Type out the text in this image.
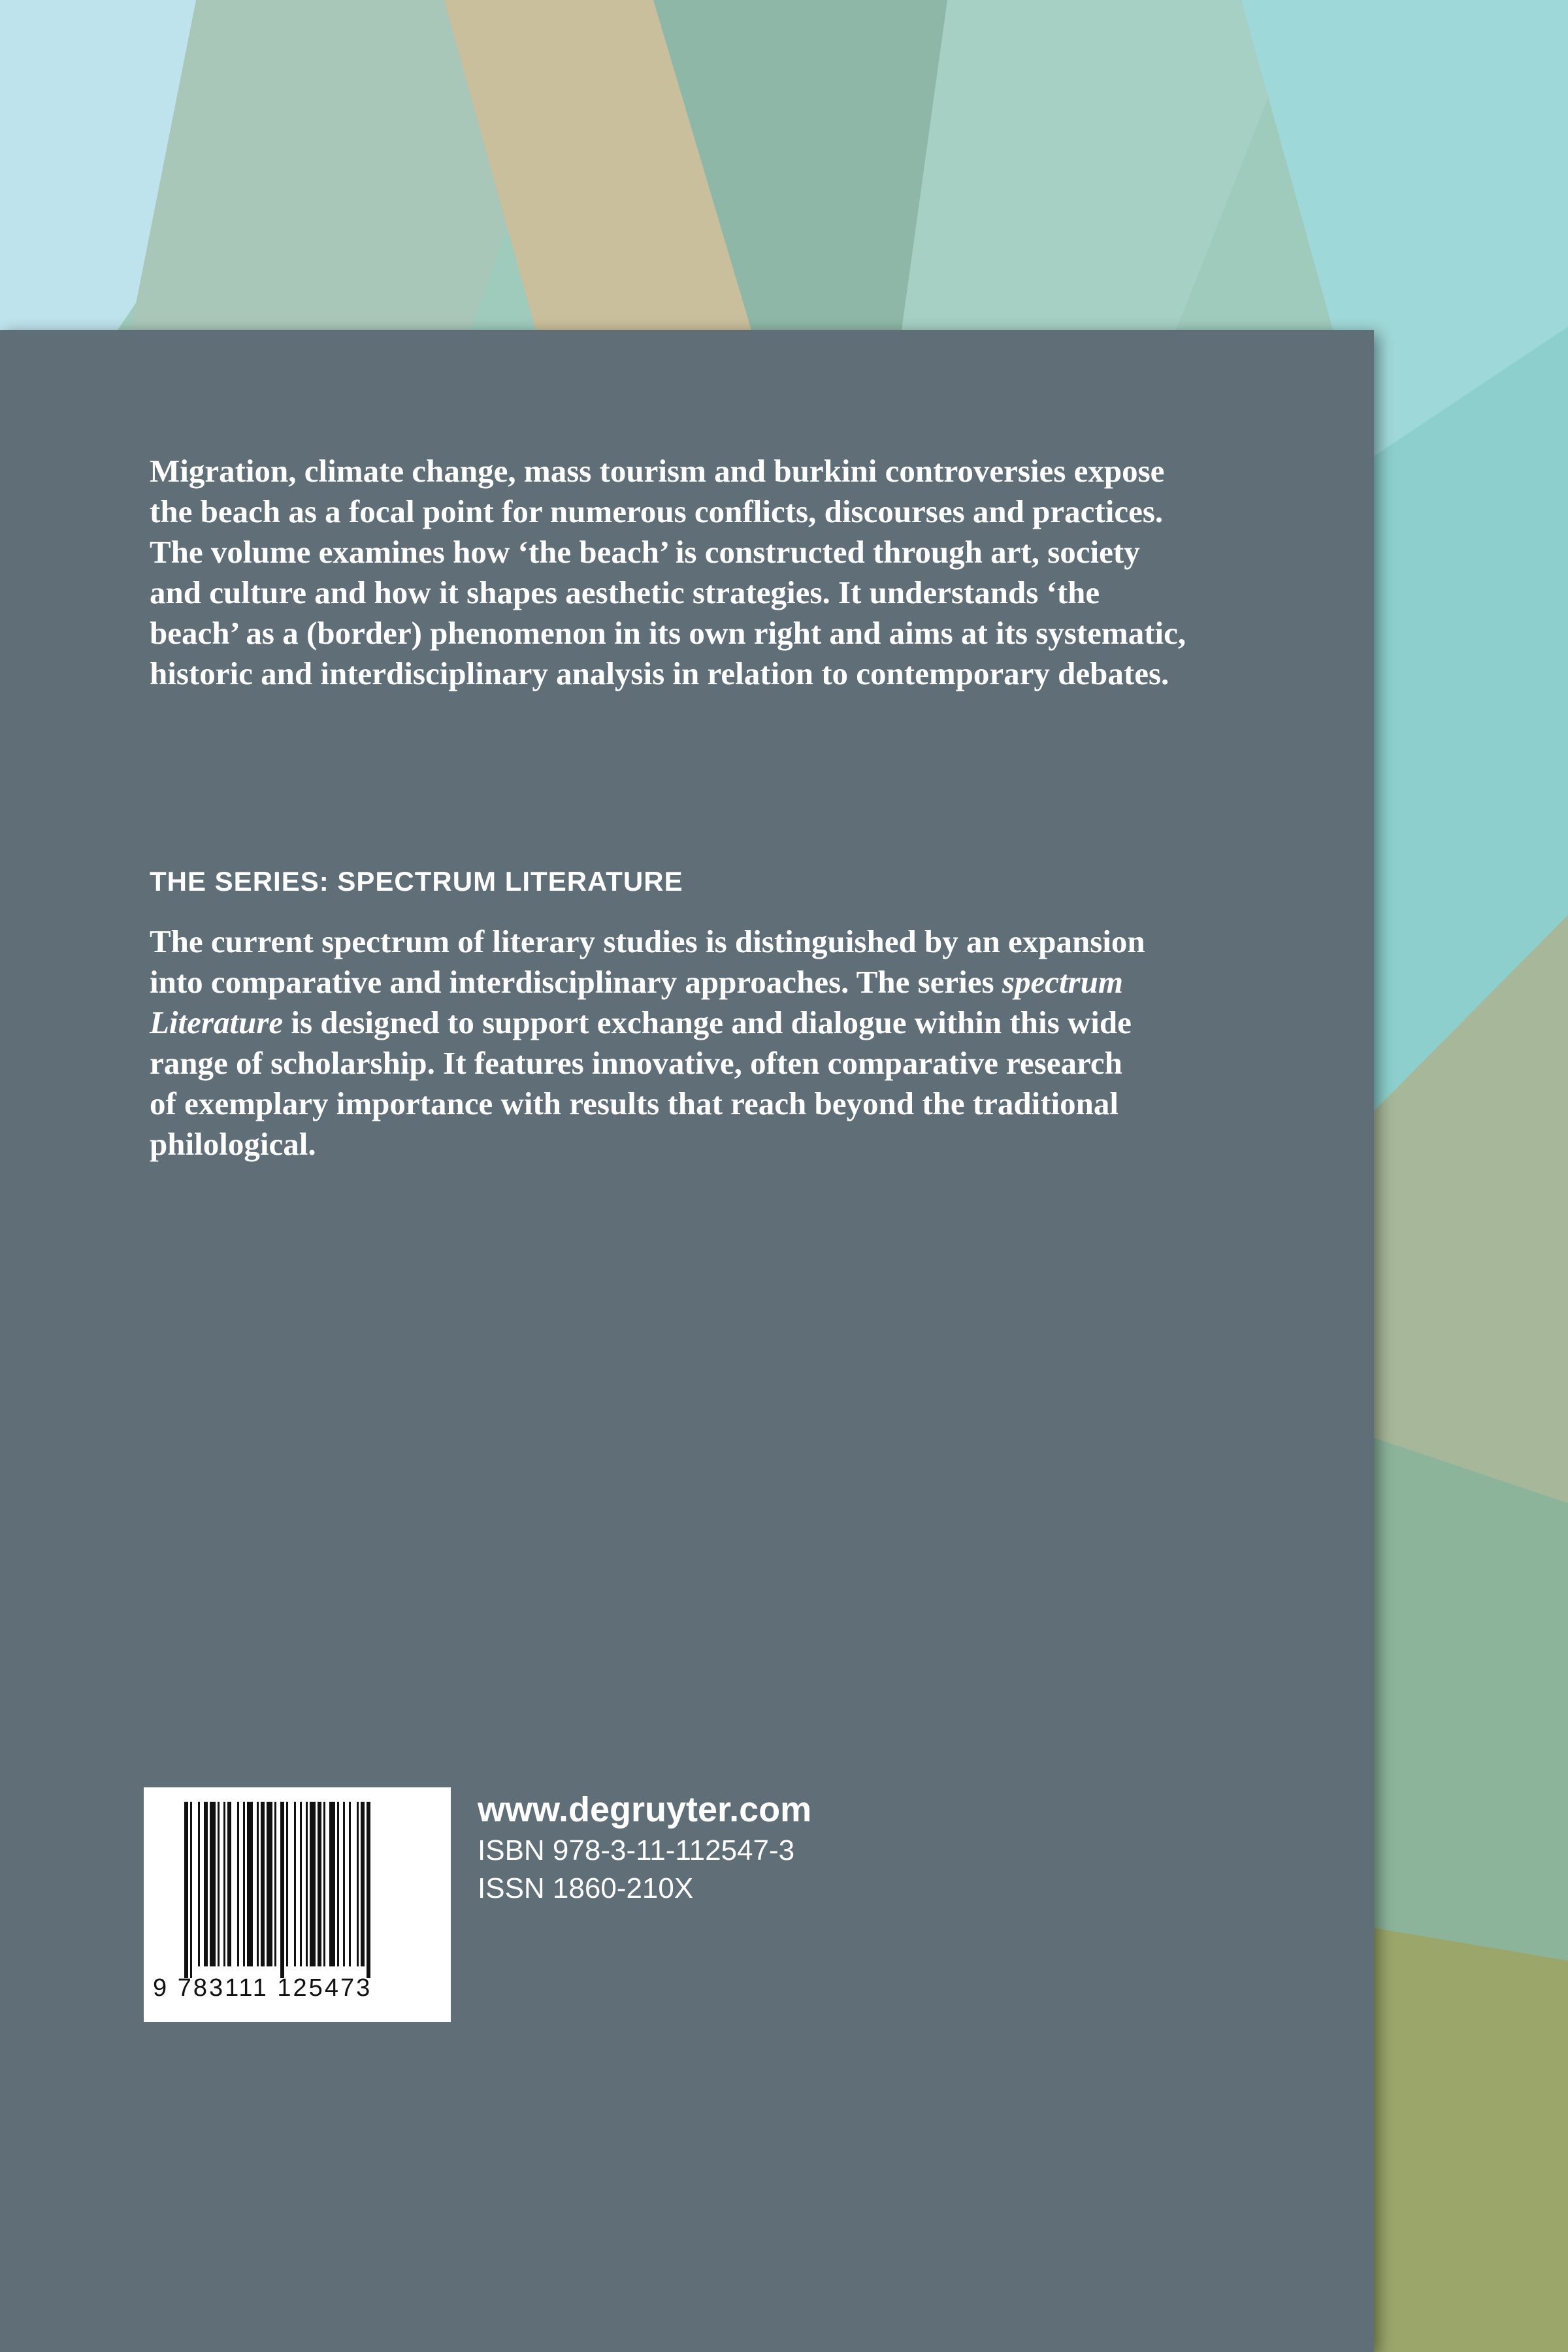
Migration, climate change, mass tourism and burkini controversies expose

the beach as a focal point for numerous conflicts, discourses and practices.

The volume examines how ‘the beach’ is constructed through art, society

and culture and how it shapes aesthetic strategies. It understands ‘the

beach’ as a (border) phenomenon in its own right and aims at its systematic,

historic and interdisciplinary analysis in relation to contemporary debates.

THE SERIES: SPECTRUM LITERATURE

The current spectrum of literary studies is distinguished by an expansion

into comparative and interdisciplinary approaches. The series spectrum

Literature is designed to support exchange and dialogue within this wide

range of scholarship. It features innovative, often comparative research

of exemplary importance with results that reach beyond the traditional

philological.

9 783111 125473
www.degruyter.com
ISBN 978-3-11-112547-3
ISSN 1860-210X
